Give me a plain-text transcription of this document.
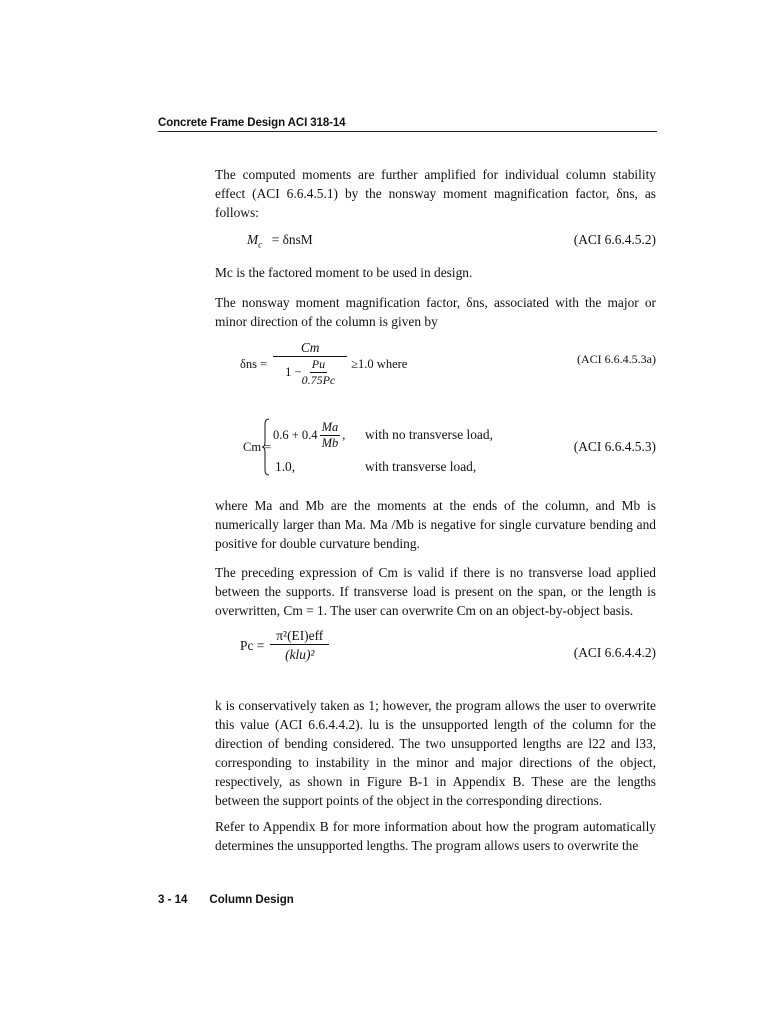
Concrete Frame Design ACI 318-14
The computed moments are further amplified for individual column stability effect (ACI 6.6.4.5.1) by the nonsway moment magnification factor, δns, as follows:
$M_c = \delta nsM$	(ACI 6.6.4.5.2)
Mc is the factored moment to be used in design.
The nonsway moment magnification factor, δns, associated with the major or minor direction of the column is given by
$\delta ns = \frac{Cm}{1 - \frac{Pu}{0.75Pc}} \ge 1.0$ where	(ACI 6.6.4.5.3a)
Cm =
$0.6 + 0.4 \frac{Ma}{Mb}$ , with no transverse load,
1.0,	with transverse load,
(ACI 6.6.4.5.3)
where Ma and Mb are the moments at the ends of the column, and Mb is numerically larger than Ma. Ma /Mb is negative for single curvature bending and positive for double curvature bending.
The preceding expression of Cm is valid if there is no transverse load applied between the supports. If transverse load is present on the span, or the length is overwritten, Cm = 1. The user can overwrite Cm on an object-by-object basis.
$Pc = \frac{\text{π²(EI)eff}}{\text{(klu)²}}$	(ACI 6.6.4.4.2)
k is conservatively taken as 1; however, the program allows the user to overwrite this value (ACI 6.6.4.4.2). lu is the unsupported length of the column for the direction of bending considered. The two unsupported lengths are l22 and l33, corresponding to instability in the minor and major directions of the object, respectively, as shown in Figure B-1 in Appendix B. These are the lengths between the support points of the object in the corresponding directions.
Refer to Appendix B for more information about how the program automatically determines the unsupported lengths. The program allows users to overwrite the
3 - 14 Column Design
